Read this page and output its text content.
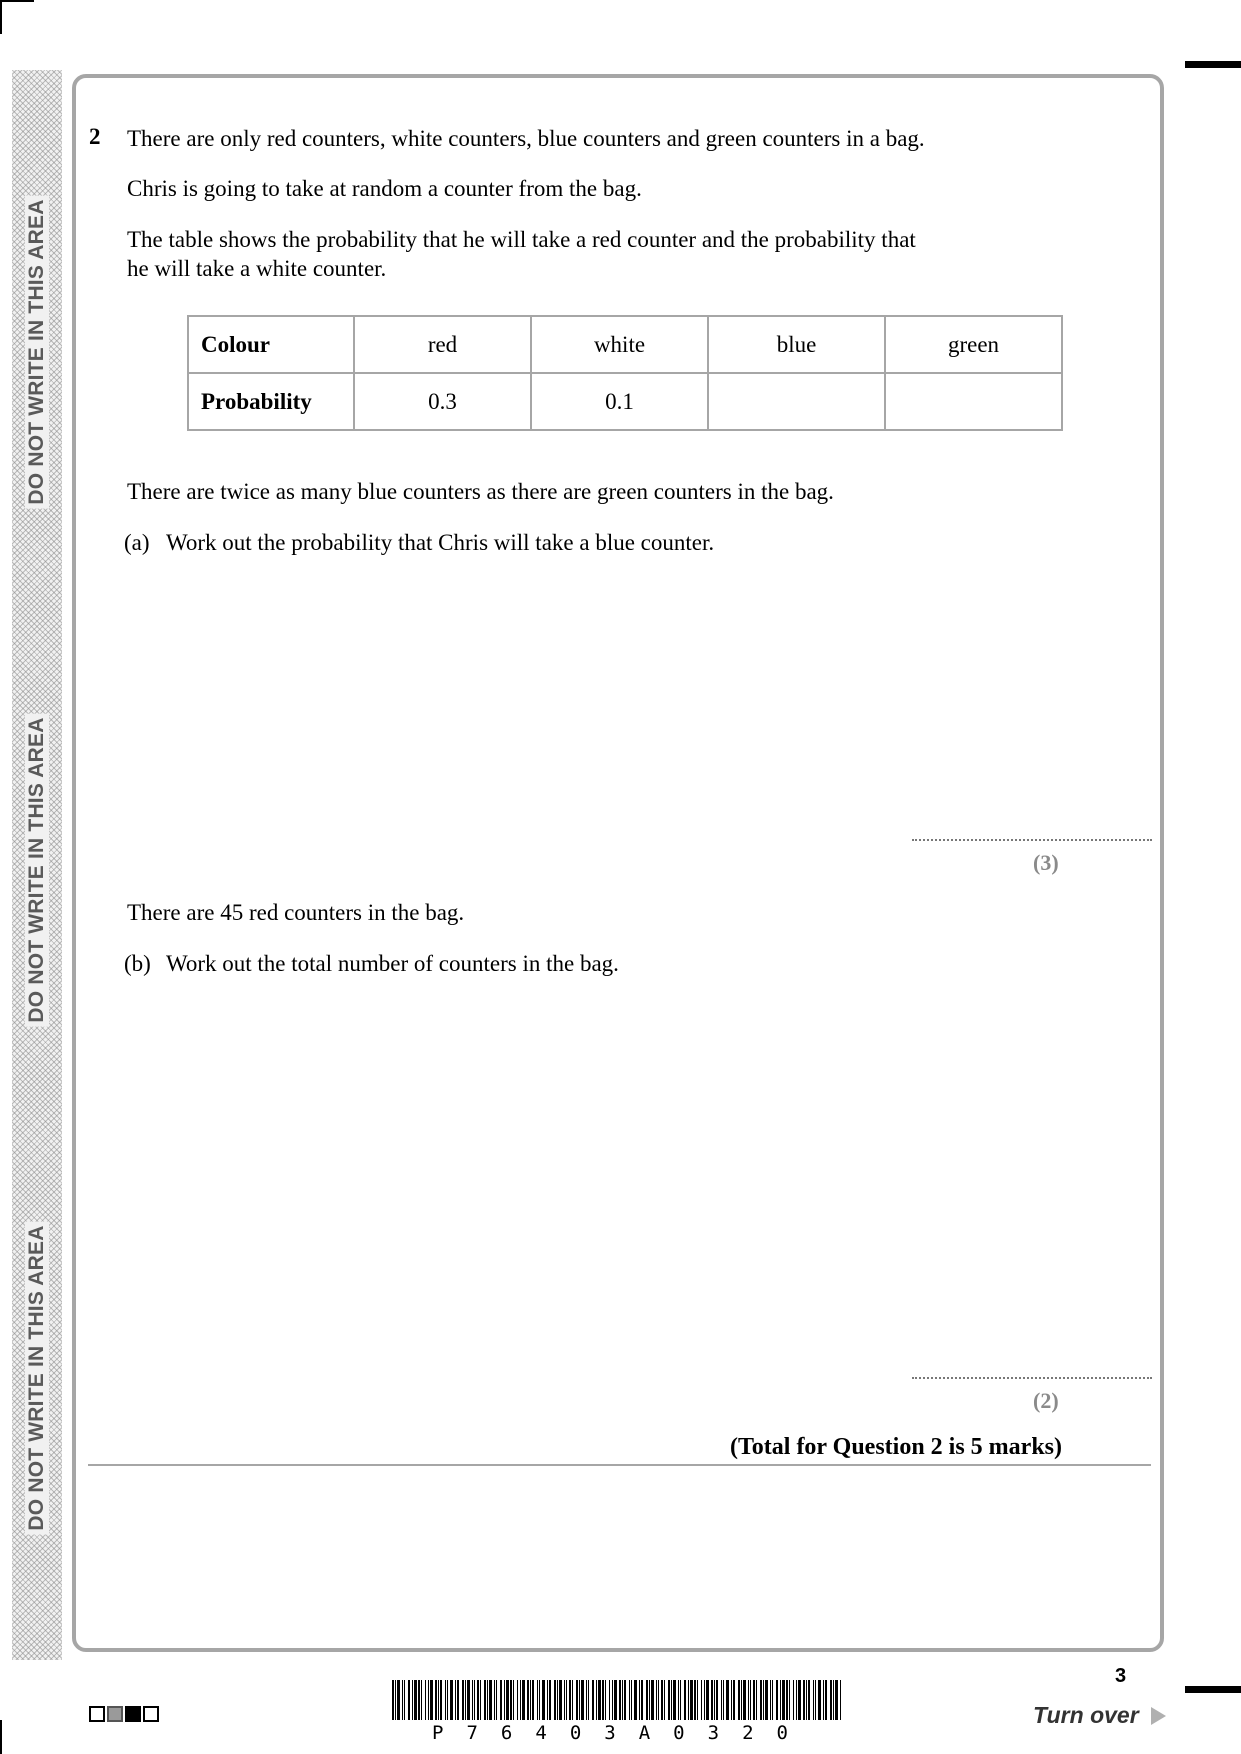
DO NOT WRITE IN THIS AREA
DO NOT WRITE IN THIS AREA
DO NOT WRITE IN THIS AREA
2 There are only red counters, white counters, blue counters and green counters in a bag.
Chris is going to take at random a counter from the bag.
The table shows the probability that he will take a red counter and the probability that
he will take a white counter.
Colour	red	white	blue	green
Probability	0.3	0.1		
There are twice as many blue counters as there are green counters in the bag.
(a) Work out the probability that Chris will take a blue counter.
(3)
There are 45 red counters in the bag.
(b) Work out the total number of counters in the bag.
(2)
(Total for Question 2 is 5 marks)
P 7 6 4 0 3 A 0 3 2 0
3
Turn over
